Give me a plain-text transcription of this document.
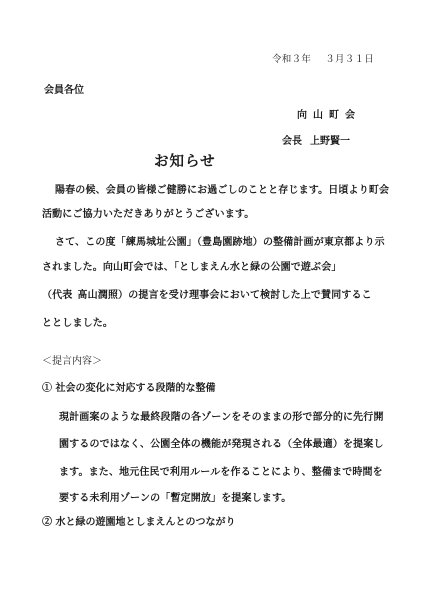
令和３年 ３月３１日
会員各位
向山町会
会長 上野賢一
お知らせ
陽春の候、会員の皆様ご健勝にお過ごしのことと存じます。日頃より町会
活動にご協力いただきありがとうございます。
さて、この度「練馬城址公園」（豊島園跡地）の整備計画が東京都より示
されました。向山町会では、「としまえん水と緑の公園で遊ぶ会」
（代表 髙山潤照）の提言を受け理事会において検討した上で賛同するこ
ととしました。
＜提言内容＞
① 社会の変化に対応する段階的な整備
現計画案のような最終段階の各ゾーンをそのままの形で部分的に先行開
園するのではなく、公園全体の機能が発現される（全体最適）を提案し
ます。また、地元住民で利用ルールを作ることにより、整備まで時間を
要する未利用ゾーンの「暫定開放」を提案します。
② 水と緑の遊園地としまえんとのつながり
